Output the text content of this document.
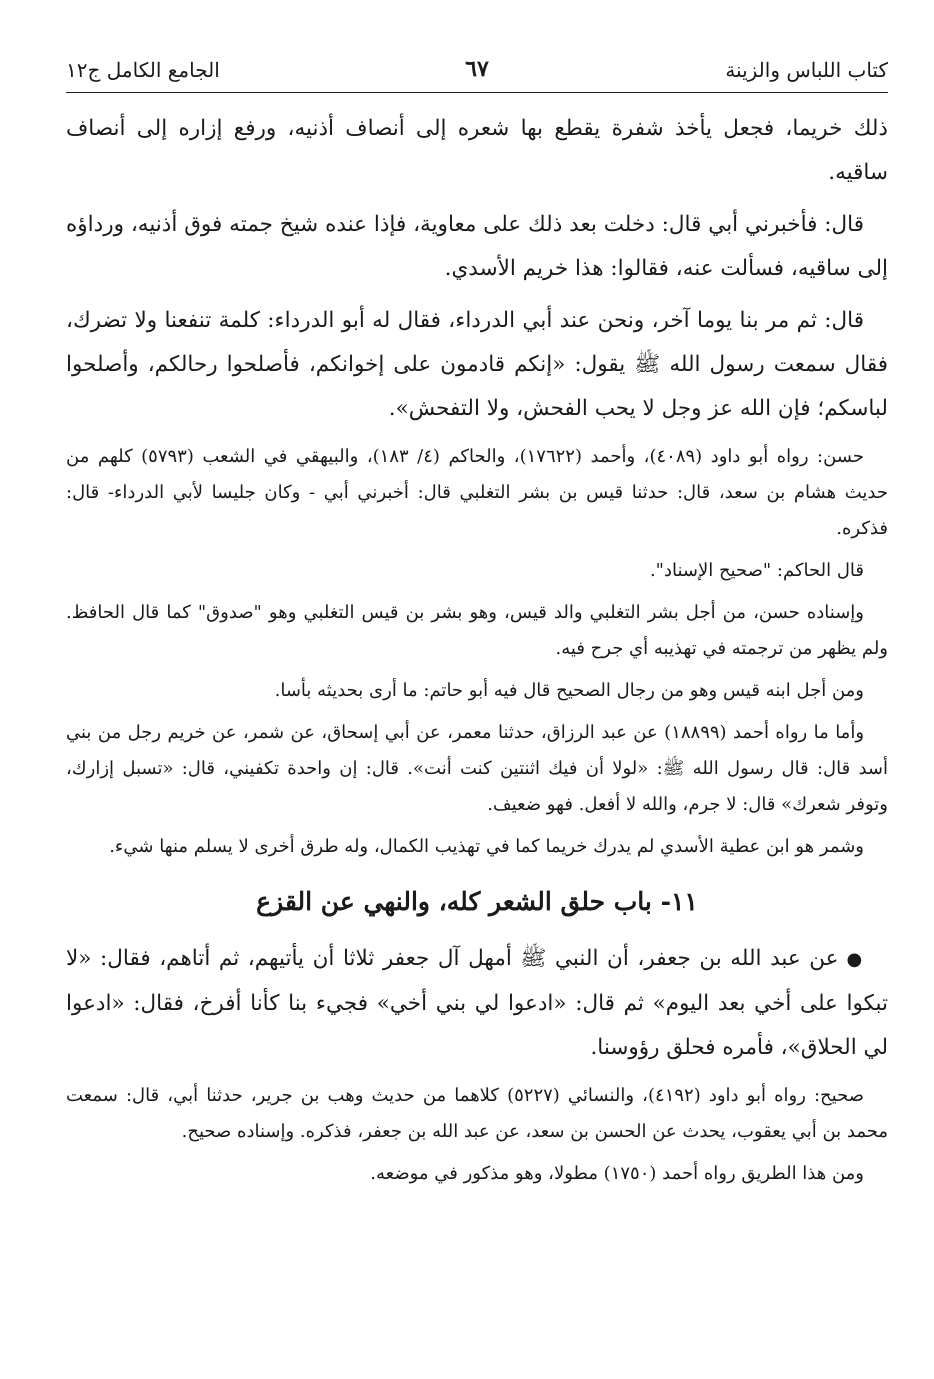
كتاب اللباس والزينة
٦٧
الجامع الكامل ج١٢

ذلك خريما، فجعل يأخذ شفرة يقطع بها شعره إلى أنصاف أذنيه، ورفع إزاره إلى أنصاف ساقيه.

قال: فأخبرني أبي قال: دخلت بعد ذلك على معاوية، فإذا عنده شيخ جمته فوق أذنيه، ورداؤه إلى ساقيه، فسألت عنه، فقالوا: هذا خريم الأسدي.

قال: ثم مر بنا يوما آخر، ونحن عند أبي الدرداء، فقال له أبو الدرداء: كلمة تنفعنا ولا تضرك، فقال سمعت رسول الله ﷺ يقول: «إنكم قادمون على إخوانكم، فأصلحوا رحالكم، وأصلحوا لباسكم؛ فإن الله عز وجل لا يحب الفحش، ولا التفحش».

حسن: رواه أبو داود (٤٠٨٩)، وأحمد (١٧٦٢٢)، والحاكم (٤/ ١٨٣)، والبيهقي في الشعب (٥٧٩٣) كلهم من حديث هشام بن سعد، قال: حدثنا قيس بن بشر التغلبي قال: أخبرني أبي - وكان جليسا لأبي الدرداء- قال: فذكره.

قال الحاكم: "صحيح الإسناد".

وإسناده حسن، من أجل بشر التغلبي والد قيس، وهو بشر بن قيس التغلبي وهو "صدوق" كما قال الحافظ. ولم يظهر من ترجمته في تهذيبه أي جرح فيه.

ومن أجل ابنه قيس وهو من رجال الصحيح قال فيه أبو حاتم: ما أرى بحديثه بأسا.

وأما ما رواه أحمد (١٨٨٩٩) عن عبد الرزاق، حدثنا معمر، عن أبي إسحاق، عن شمر، عن خريم رجل من بني أسد قال: قال رسول الله ﷺ: «لولا أن فيك اثنتين كنت أنت». قال: إن واحدة تكفيني، قال: «تسبل إزارك، وتوفر شعرك» قال: لا جرم، والله لا أفعل. فهو ضعيف.

وشمر هو ابن عطية الأسدي لم يدرك خريما كما في تهذيب الكمال، وله طرق أخرى لا يسلم منها شيء.

١١- باب حلق الشعر كله، والنهي عن القزع

●عن عبد الله بن جعفر، أن النبي ﷺ أمهل آل جعفر ثلاثا أن يأتيهم، ثم أتاهم، فقال: «لا تبكوا على أخي بعد اليوم» ثم قال: «ادعوا لي بني أخي» فجيء بنا كأنا أفرخ، فقال: «ادعوا لي الحلاق»، فأمره فحلق رؤوسنا.

صحيح: رواه أبو داود (٤١٩٢)، والنسائي (٥٢٢٧) كلاهما من حديث وهب بن جرير، حدثنا أبي، قال: سمعت محمد بن أبي يعقوب، يحدث عن الحسن بن سعد، عن عبد الله بن جعفر، فذكره. وإسناده صحيح.

ومن هذا الطريق رواه أحمد (١٧٥٠) مطولا، وهو مذكور في موضعه.
